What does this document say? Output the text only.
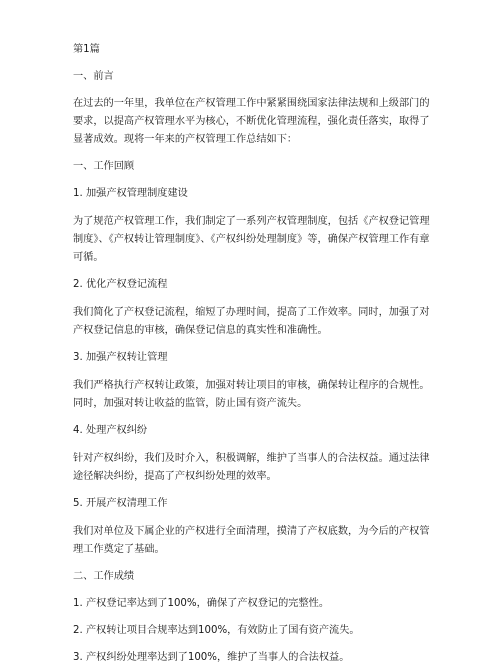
第1篇

一、前言

在过去的一年里，我单位在产权管理工作中紧紧围绕国家法律法规和上级部门的要求，以提高产权管理水平为核心，不断优化管理流程，强化责任落实，取得了显著成效。现将一年来的产权管理工作总结如下：

一、工作回顾

1. 加强产权管理制度建设

为了规范产权管理工作，我们制定了一系列产权管理制度，包括《产权登记管理制度》、《产权转让管理制度》、《产权纠纷处理制度》等，确保产权管理工作有章可循。

2. 优化产权登记流程

我们简化了产权登记流程，缩短了办理时间，提高了工作效率。同时，加强了对产权登记信息的审核，确保登记信息的真实性和准确性。

3. 加强产权转让管理

我们严格执行产权转让政策，加强对转让项目的审核，确保转让程序的合规性。同时，加强对转让收益的监管，防止国有资产流失。

4. 处理产权纠纷

针对产权纠纷，我们及时介入，积极调解，维护了当事人的合法权益。通过法律途径解决纠纷，提高了产权纠纷处理的效率。

5. 开展产权清理工作

我们对单位及下属企业的产权进行全面清理，摸清了产权底数，为今后的产权管理工作奠定了基础。

二、工作成绩

1. 产权登记率达到了100%，确保了产权登记的完整性。

2. 产权转让项目合规率达到100%，有效防止了国有资产流失。

3. 产权纠纷处理率达到了100%，维护了当事人的合法权益。
